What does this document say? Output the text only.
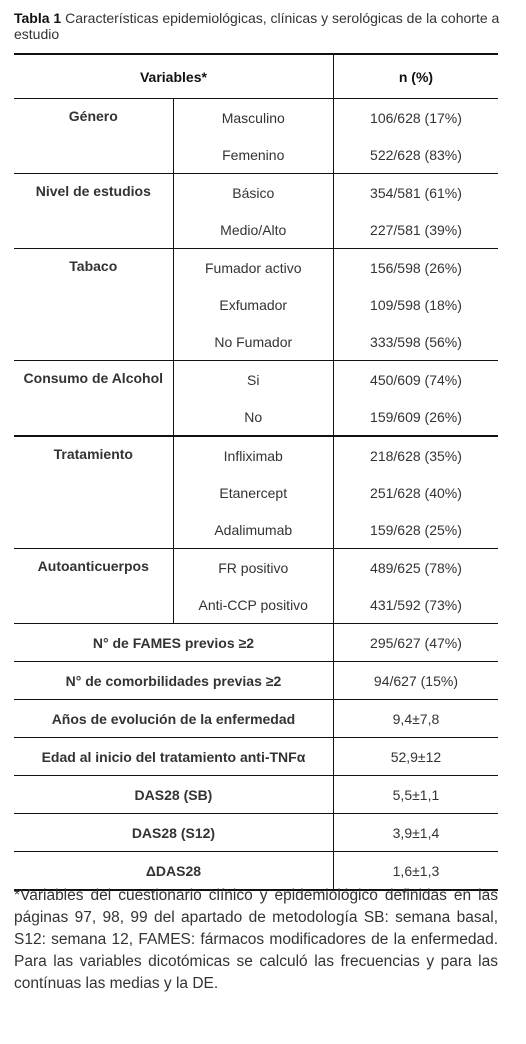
Tabla 1 Características epidemiológicas, clínicas y serológicas de la cohorte a estudio
Variables*		n (%)
Género	Masculino	106/628 (17%)
	Femenino	522/628 (83%)
Nivel de estudios	Básico	354/581 (61%)
	Medio/Alto	227/581 (39%)
Tabaco	Fumador activo	156/598 (26%)
	Exfumador	109/598 (18%)
	No Fumador	333/598 (56%)
Consumo de Alcohol	Si	450/609 (74%)
	No	159/609 (26%)
Tratamiento	Infliximab	218/628 (35%)
	Etanercept	251/628 (40%)
	Adalimumab	159/628 (25%)
Autoanticuerpos	FR positivo	489/625 (78%)
	Anti-CCP positivo	431/592 (73%)
N° de FAMES previos ≥2		295/627 (47%)
N° de comorbilidades previas ≥2		94/627 (15%)
Años de evolución de la enfermedad		9,4±7,8
Edad al inicio del tratamiento anti-TNFα		52,9±12
DAS28 (SB)		5,5±1,1
DAS28 (S12)		3,9±1,4
ΔDAS28		1,6±1,3
*Variables del cuestionario clínico y epidemiológico definidas en las páginas 97, 98, 99 del apartado de metodología SB: semana basal, S12: semana 12, FAMES: fármacos modificadores de la enfermedad. Para las variables dicotómicas se calculó las frecuencias y para las contínuas las medias y la DE.
